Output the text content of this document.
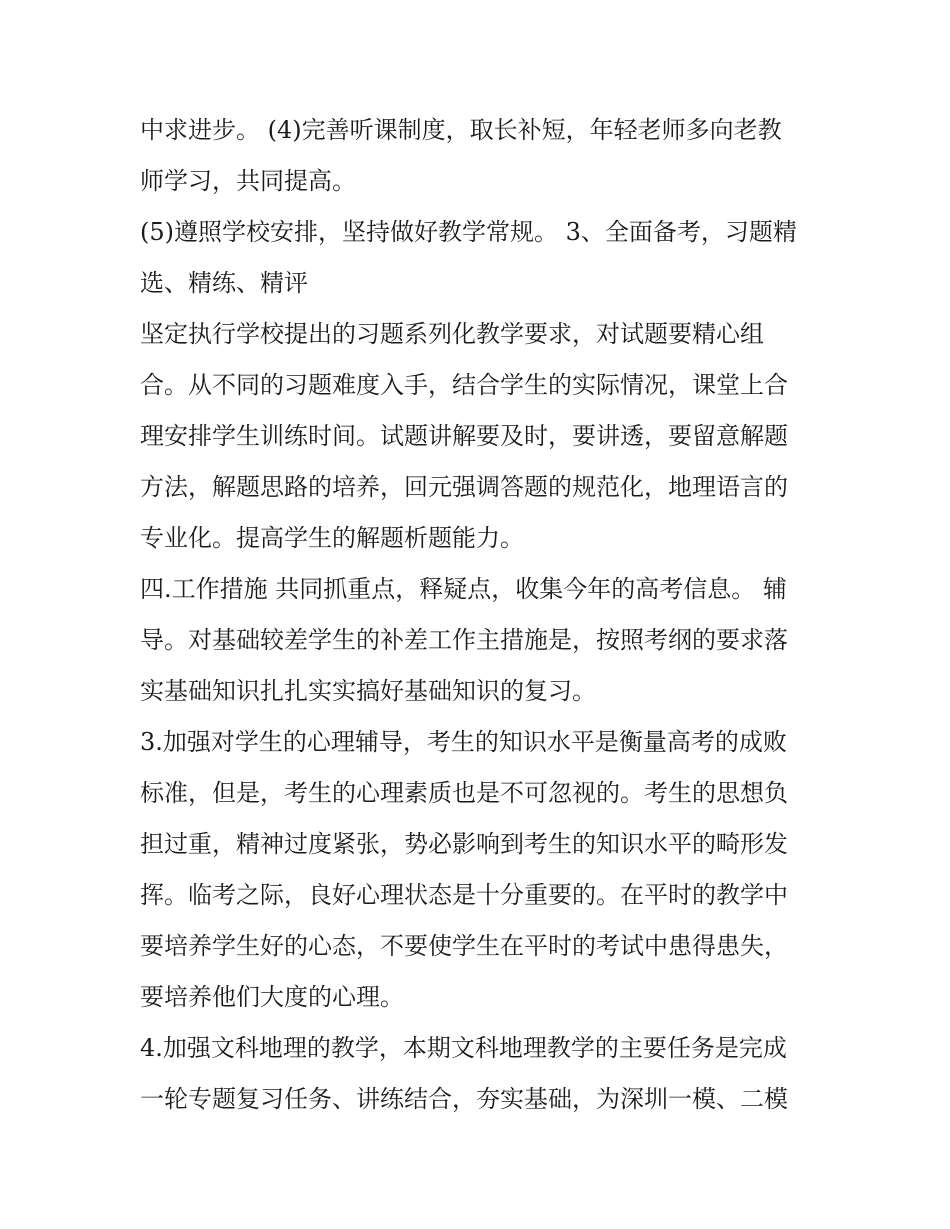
中求进步。 (4)完善听课制度，取长补短，年轻老师多向老教
师学习，共同提高。
(5)遵照学校安排，坚持做好教学常规。 3、全面备考，习题精
选、精练、精评
坚定执行学校提出的习题系列化教学要求，对试题要精心组
合。从不同的习题难度入手，结合学生的实际情况，课堂上合
理安排学生训练时间。试题讲解要及时，要讲透，要留意解题
方法，解题思路的培养，回元强调答题的规范化，地理语言的
专业化。提高学生的解题析题能力。
四.工作措施 共同抓重点，释疑点，收集今年的高考信息。 辅
导。对基础较差学生的补差工作主措施是，按照考纲的要求落
实基础知识扎扎实实搞好基础知识的复习。
3.加强对学生的心理辅导，考生的知识水平是衡量高考的成败
标准，但是，考生的心理素质也是不可忽视的。考生的思想负
担过重，精神过度紧张，势必影响到考生的知识水平的畸形发
挥。临考之际，良好心理状态是十分重要的。在平时的教学中
要培养学生好的心态，不要使学生在平时的考试中患得患失，
要培养他们大度的心理。
4.加强文科地理的教学，本期文科地理教学的主要任务是完成
一轮专题复习任务、讲练结合，夯实基础，为深圳一模、二模
